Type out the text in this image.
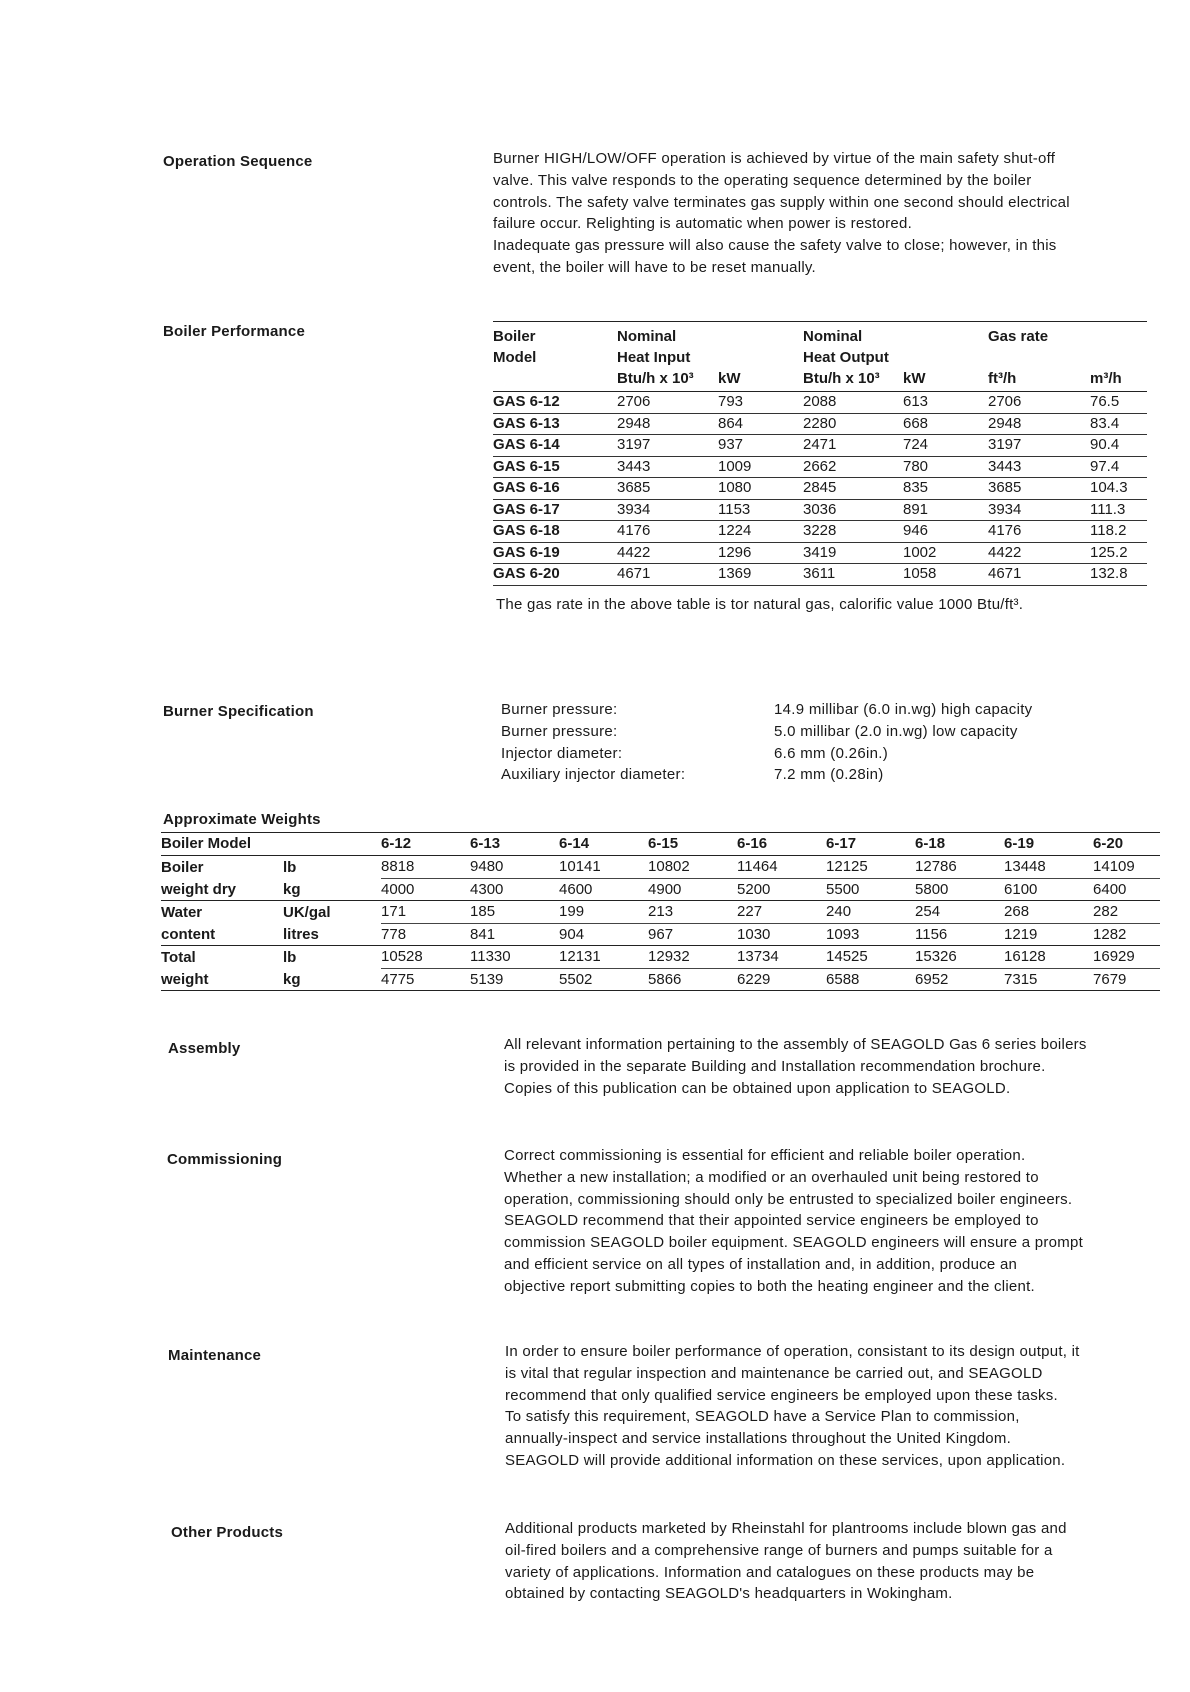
Operation Sequence	Burner HIGH/LOW/OFF operation is achieved by virtue of the main safety shut-off

valve. This valve responds to the operating sequence determined by the boiler

controls. The safety valve terminates gas supply within one second should electrical

failure occur. Relighting is automatic when power is restored.

Inadequate gas pressure will also cause the safety valve to close; however, in this

event, the boiler will have to be reset manually.

Boiler Performance	Boiler	Nominal		Nominal		Gas rate	
Model	Heat Input		Heat Output			
	Btu/h x 10³	kW	Btu/h x 10³	kW	ft³/h	m³/h
GAS 6-12	2706	793	2088	613	2706	76.5
GAS 6-13	2948	864	2280	668	2948	83.4
GAS 6-14	3197	937	2471	724	3197	90.4
GAS 6-15	3443	1009	2662	780	3443	97.4
GAS 6-16	3685	1080	2845	835	3685	104.3
GAS 6-17	3934	1153	3036	891	3934	111.3
GAS 6-18	4176	1224	3228	946	4176	118.2
GAS 6-19	4422	1296	3419	1002	4422	125.2
GAS 6-20	4671	1369	3611	1058	4671	132.8
The gas rate in the above table is tor natural gas, calorific value 1000 Btu/ft³.
Burner Specification	Burner pressure:	14.9 millibar (6.0 in.wg) high capacity
Burner pressure:	5.0 millibar (2.0 in.wg) low capacity
Injector diameter:	6.6 mm (0.26in.)
Auxiliary injector diameter:	7.2 mm (0.28in)
Approximate Weights
Boiler Model		6-12	6-13	6-14	6-15	6-16	6-17	6-18	6-19	6-20
Boiler	lb	8818	9480	10141	10802	11464	12125	12786	13448	14109
weight dry	kg	4000	4300	4600	4900	5200	5500	5800	6100	6400
Water	UK/gal	171	185	199	213	227	240	254	268	282
content	litres	778	841	904	967	1030	1093	1156	1219	1282
Total	lb	10528	11330	12131	12932	13734	14525	15326	16128	16929
weight	kg	4775	5139	5502	5866	6229	6588	6952	7315	7679
Assembly	All relevant information pertaining to the assembly of SEAGOLD Gas 6 series boilers

is provided in the separate Building and Installation recommendation brochure.

Copies of this publication can be obtained upon application to SEAGOLD.

Commissioning	Correct commissioning is essential for efficient and reliable boiler operation.

Whether a new installation; a modified or an overhauled unit being restored to

operation, commissioning should only be entrusted to specialized boiler engineers.

SEAGOLD recommend that their appointed service engineers be employed to

commission SEAGOLD boiler equipment. SEAGOLD engineers will ensure a prompt

and efficient service on all types of installation and, in addition, produce an

objective report submitting copies to both the heating engineer and the client.

Maintenance	In order to ensure boiler performance of operation, consistant to its design output, it

is vital that regular inspection and maintenance be carried out, and SEAGOLD

recommend that only qualified service engineers be employed upon these tasks.

To satisfy this requirement, SEAGOLD have a Service Plan to commission,

annually-inspect and service installations throughout the United Kingdom.

SEAGOLD will provide additional information on these services, upon application.

Other Products	Additional products marketed by Rheinstahl for plantrooms include blown gas and

oil-fired boilers and a comprehensive range of burners and pumps suitable for a

variety of applications. Information and catalogues on these products may be

obtained by contacting SEAGOLD's headquarters in Wokingham.
